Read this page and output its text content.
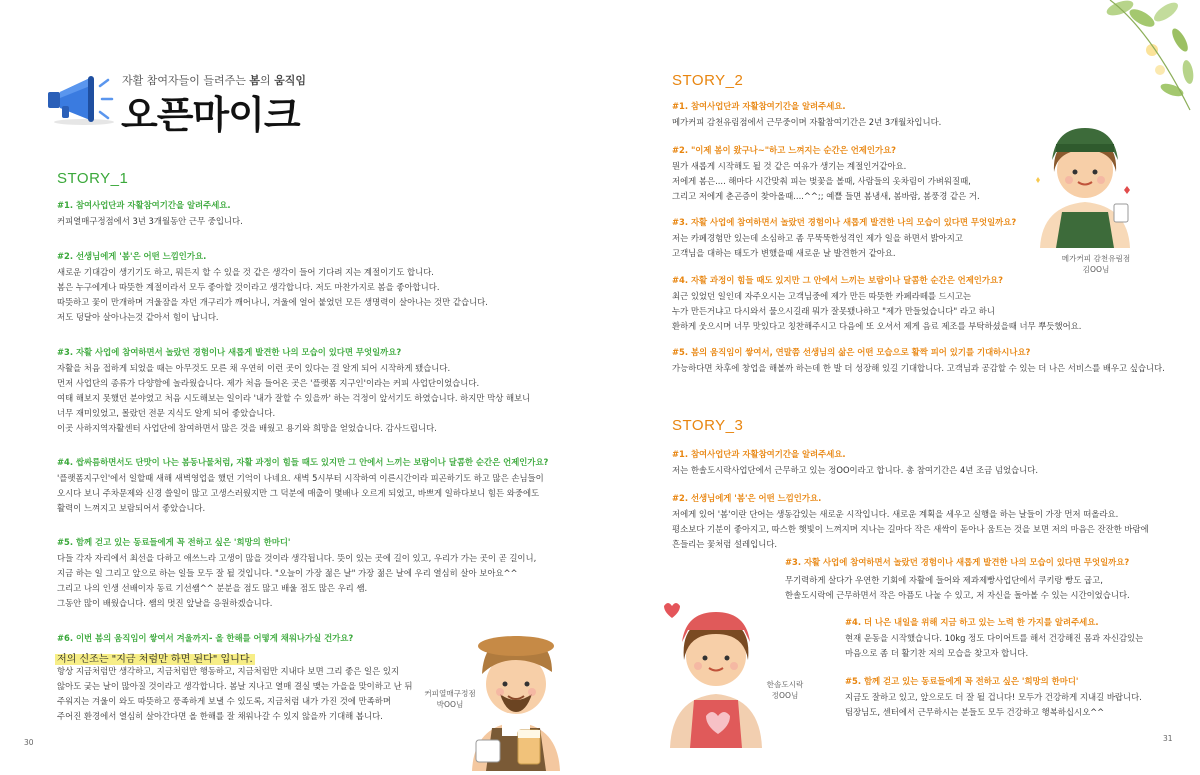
자활 참여자들이 들려주는 봄의 움직임
오픈마이크
STORY_1
#1. 참여사업단과 자활참여기간을 알려주세요.
커피열매구정점에서 3년 3개월동안 근무 중입니다.
#2. 선생님에게 '봄'은 어떤 느낌인가요.
새로운 기대감이 생기기도 하고, 뭐든지 할 수 있을 것 같은 생각이 들어 기다려 지는 계절이기도 합니다.
봄은 누구에게나 따뜻한 계절이라서 모두 좋아할 것이라고 생각합니다. 저도 마찬가지로 봄을 좋아합니다.
따뜻하고 꽃이 만개하며 겨울잠을 자던 개구리가 깨어나니, 겨울에 얼어 붙었던 모든 생명력이 살아나는 것만 같습니다.
저도 덩달아 살아나는것 같아서 힘이 납니다.
#3. 자활 사업에 참여하면서 놀랐던 경험이나 새롭게 발견한 나의 모습이 있다면 무엇일까요?
자활을 처음 접하게 되었을 때는 아무것도 모른 채 우연히 이런 곳이 있다는 걸 알게 되어 시작하게 됐습니다.
먼저 사업단의 종류가 다양함에 놀라웠습니다. 제가 처음 들어온 곳은 '플랫폼 지구인'이라는 커피 사업단이었습니다.
여태 해보지 못했던 분야였고 처음 시도해보는 일이라 '내가 잘할 수 있을까' 하는 걱정이 앞서기도 하였습니다. 하지만 막상 해보니
너무 재미있었고, 몰랐던 전문 지식도 알게 되어 좋았습니다.
이곳 사하지역자활센터 사업단에 참여하면서 많은 것을 배웠고 용기와 희망을 얻었습니다. 감사드립니다.
#4. 쌉싸름하면서도 단맛이 나는 봄동나물처럼, 자활 과정이 힘들 때도 있지만 그 안에서 느끼는 보람이나 달콤한 순간은 언제인가요?
'플랫폼지구인'에서 일할때 새해 새벽영업을 했던 기억이 나네요. 새벽 5시부터 시작하여 이른시간이라 피곤하기도 하고 많은 손님들이
오시다 보니 주차문제와 신경 쓸일이 많고 고생스러웠지만 그 덕분에 매출이 몇배나 오르게 되었고, 바쁘게 일하다보니 힘든 와중에도
활력이 느껴지고 보람되어서 좋았습니다.
#5. 함께 걷고 있는 동료들에게 꼭 전하고 싶은 '희망의 한마디'
다들 각자 자리에서 최선을 다하고 애쓰느라 고생이 많을 것이라 생각됩니다. 뜻이 있는 곳에 길이 있고, 우리가 가는 곳이 곧 길이니,
지금 하는 일 그리고 앞으로 하는 일들 모두 잘 될 것입니다. "오늘이 가장 젊은 날" 가장 젊은 날에 우리 열심히 살아 보아요^^
그리고 나의 인생 선배이자 동료 기선쌤^^ 분분을 점도 많고 배울 점도 많은 우리 쌤.
그동안 많이 배웠습니다. 쌤의 멋진 앞날을 응원하겠습니다.
#6. 이번 봄의 움직임이 쌓여서 겨울까지- 올 한해를 어떻게 채워나가실 건가요?
저의 신조는 "지금 처럼만 하면 된다" 입니다.
항상 지금처럼만 생각하고, 지금처럼만 행동하고, 지금처럼만 지내다 보면 그리 좋은 일은 있지
않아도 궂는 날이 많아질 것이라고 생각합니다. 봄날 지나고 열매 결실 맺는 가을을 맞이하고 난 뒤
주워지는 겨울이 와도 따뜻하고 풍족하게 보낼 수 있도록, 지금처럼 내가 가진 것에 만족하며
주어진 환경에서 열심히 살아간다면 올 한해를 잘 채워나갈 수 있지 않을까 기대해 봅니다.
커피열매구정점
박OO님
30
STORY_2
#1. 참여사업단과 자활참여기간을 알려주세요.
메가커피 감천유림점에서 근무중이며 자활참여기간은 2년 3개월차입니다.
#2. "이제 봄이 왔구나~"하고 느껴지는 순간은 언제인가요?
뭔가 새롭게 시작해도 될 것 같은 여유가 생기는 계절인거같아요.
저에게 봄은.... 해마다 시간맞춰 피는 벚꽃을 볼때, 사람들의 옷차림이 가벼워질때,
그리고 저에게 춘곤증이 찾아올때....^^;; 예쁠 들면 봄냉새, 봄바람, 봄풍경 같은 거.
#3. 자활 사업에 참여하면서 놀랐던 경험이나 새롭게 발견한 나의 모습이 있다면 무엇일까요?
저는 카페경험만 있는데 소심하고 좀 무뚝뚝한성격인 제가 일을 하면서 밝아지고
고객님을 대하는 태도가 변했을때 새로운 날 발견한거 같아요.
#4. 자활 과정이 힘들 때도 있지만 그 안에서 느끼는 보람이나 달콤한 순간은 언제인가요?
최근 있었던 일인데 자주오시는 고객님중에 제가 만든 따뜻한 카페라떼를 드시고는
누가 만든거냐고 다시와서 물으시길래 뭐가 잘못됐나하고 "제가 만들었습니다" 라고 하니
환하게 웃으시며 너무 맛있다고 칭찬해주시고 다음에 또 오셔서 제게 음료 제조를 부탁하셨을때 너무 뿌듯했어요.
#5. 봄의 움직임이 쌓여서, 연말쯤 선생님의 삶은 어떤 모습으로 활짝 피어 있기를 기대하시나요?
가능하다면 차후에 창업을 해볼까 하는데 한 발 더 성장해 있길 기대합니다. 고객님과 공감할 수 있는 더 나은 서비스를 배우고 싶습니다.
메가커피 감천유림점
김OO님
STORY_3
#1. 참여사업단과 자활참여기간을 알려주세요.
저는 한솔도시락사업단에서 근무하고 있는 정OO이라고 합니다. 총 참여기간은 4년 조금 넘었습니다.
#2. 선생님에게 '봄'은 어떤 느낌인가요.
저에게 있어 '봄'이란 단어는 생동감있는 새로운 시작입니다. 새로운 계획을 세우고 실행을 하는 날들이 가장 먼저 떠올라요.
평소보다 기분이 좋아지고, 따스한 햇빛이 느껴지며 지나는 길마다 작은 새싹이 돋아나 움트는 것을 보면 저의 마음은 잔잔한 바람에
흔들리는 꽃처럼 설레입니다.
#3. 자활 사업에 참여하면서 놀랐던 경험이나 새롭게 발견한 나의 모습이 있다면 무엇일까요?
무기력하게 살다가 우연한 기회에 자활에 들어와 제과제빵사업단에서 쿠키랑 빵도 굽고,
한솔도시락에 근무하면서 작은 아픔도 나눌 수 있고, 저 자신을 돌아볼 수 있는 시간이었습니다.
#4. 더 나은 내일을 위해 지금 하고 있는 노력 한 가지를 알려주세요.
현재 운동을 시작했습니다. 10kg 정도 다이어트를 해서 건강해진 몸과 자신감있는
마음으로 좀 더 활기찬 저의 모습을 찾고자 합니다.
#5. 함께 걷고 있는 동료들에게 꼭 전하고 싶은 '희망의 한마디'
지금도 잘하고 있고, 앞으로도 더 잘 될 겁니다! 모두가 건강하게 지내길 바랍니다.
팀장님도, 센터에서 근무하시는 분들도 모두 건강하고 행복하십시오^^
한솔도시락
정OO님
31
